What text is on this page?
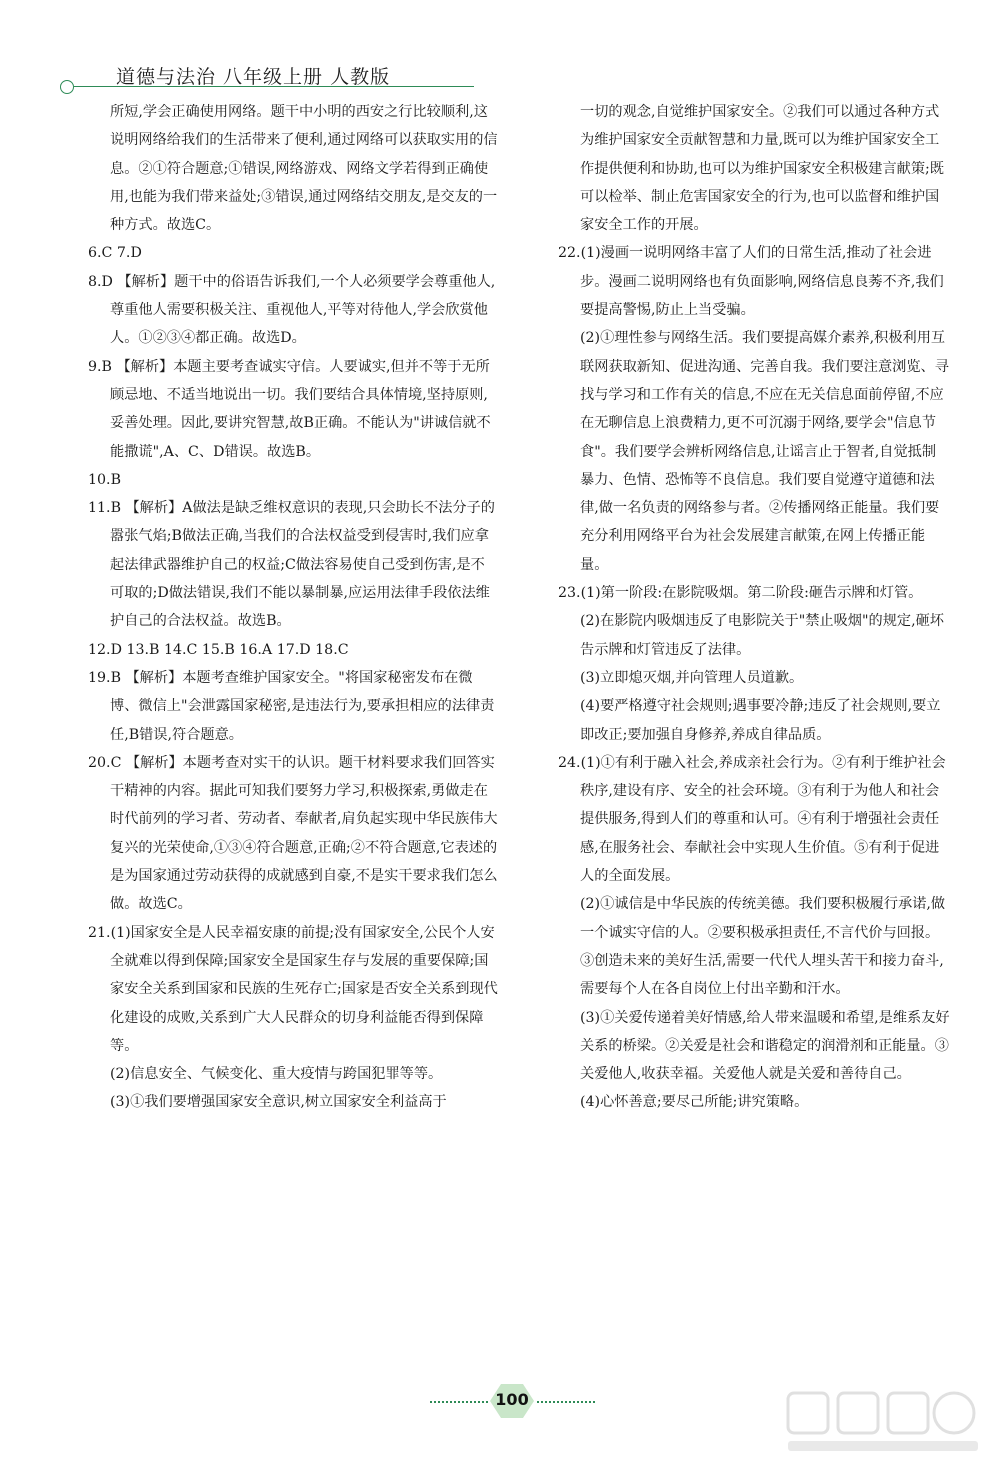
道德与法治 八年级上册 人教版

所短,学会正确使用网络。题干中小明的西安之行比较顺利,这说明网络给我们的生活带来了便利,通过网络可以获取实用的信息。②①符合题意;①错误,网络游戏、网络文学若得到正确使用,也能为我们带来益处;③错误,通过网络结交朋友,是交友的一种方式。故选C。

6.C 7.D

8.D 【解析】题干中的俗语告诉我们,一个人必须要学会尊重他人,尊重他人需要积极关注、重视他人,平等对待他人,学会欣赏他人。①②③④都正确。故选D。

9.B 【解析】本题主要考查诚实守信。人要诚实,但并不等于无所顾忌地、不适当地说出一切。我们要结合具体情境,坚持原则,妥善处理。因此,要讲究智慧,故B正确。不能认为"讲诚信就不能撒谎",A、C、D错误。故选B。

10.B

11.B 【解析】A做法是缺乏维权意识的表现,只会助长不法分子的嚣张气焰;B做法正确,当我们的合法权益受到侵害时,我们应拿起法律武器维护自己的权益;C做法容易使自己受到伤害,是不可取的;D做法错误,我们不能以暴制暴,应运用法律手段依法维护自己的合法权益。故选B。

12.D 13.B 14.C 15.B 16.A 17.D 18.C

19.B 【解析】本题考查维护国家安全。"将国家秘密发布在微博、微信上"会泄露国家秘密,是违法行为,要承担相应的法律责任,B错误,符合题意。

20.C 【解析】本题考查对实干的认识。题干材料要求我们回答实干精神的内容。据此可知我们要努力学习,积极探索,勇做走在时代前列的学习者、劳动者、奉献者,肩负起实现中华民族伟大复兴的光荣使命,①③④符合题意,正确;②不符合题意,它表述的是为国家通过劳动获得的成就感到自豪,不是实干要求我们怎么做。故选C。

21.(1)国家安全是人民幸福安康的前提;没有国家安全,公民个人安全就难以得到保障;国家安全是国家生存与发展的重要保障;国家安全关系到国家和民族的生死存亡;国家是否安全关系到现代化建设的成败,关系到广大人民群众的切身利益能否得到保障等。

(2)信息安全、气候变化、重大疫情与跨国犯罪等等。

(3)①我们要增强国家安全意识,树立国家安全利益高于

一切的观念,自觉维护国家安全。②我们可以通过各种方式为维护国家安全贡献智慧和力量,既可以为维护国家安全工作提供便利和协助,也可以为维护国家安全积极建言献策;既可以检举、制止危害国家安全的行为,也可以监督和维护国家安全工作的开展。

22.(1)漫画一说明网络丰富了人们的日常生活,推动了社会进步。漫画二说明网络也有负面影响,网络信息良莠不齐,我们要提高警惕,防止上当受骗。

(2)①理性参与网络生活。我们要提高媒介素养,积极利用互联网获取新知、促进沟通、完善自我。我们要注意浏览、寻找与学习和工作有关的信息,不应在无关信息面前停留,不应在无聊信息上浪费精力,更不可沉溺于网络,要学会"信息节食"。我们要学会辨析网络信息,让谣言止于智者,自觉抵制暴力、色情、恐怖等不良信息。我们要自觉遵守道德和法律,做一名负责的网络参与者。②传播网络正能量。我们要充分利用网络平台为社会发展建言献策,在网上传播正能量。

23.(1)第一阶段:在影院吸烟。第二阶段:砸告示牌和灯管。

(2)在影院内吸烟违反了电影院关于"禁止吸烟"的规定,砸坏告示牌和灯管违反了法律。

(3)立即熄灭烟,并向管理人员道歉。

(4)要严格遵守社会规则;遇事要冷静;违反了社会规则,要立即改正;要加强自身修养,养成自律品质。

24.(1)①有利于融入社会,养成亲社会行为。②有利于维护社会秩序,建设有序、安全的社会环境。③有利于为他人和社会提供服务,得到人们的尊重和认可。④有利于增强社会责任感,在服务社会、奉献社会中实现人生价值。⑤有利于促进人的全面发展。

(2)①诚信是中华民族的传统美德。我们要积极履行承诺,做一个诚实守信的人。②要积极承担责任,不言代价与回报。③创造未来的美好生活,需要一代代人埋头苦干和接力奋斗,需要每个人在各自岗位上付出辛勤和汗水。

(3)①关爱传递着美好情感,给人带来温暖和希望,是维系友好关系的桥梁。②关爱是社会和谐稳定的润滑剂和正能量。③关爱他人,收获幸福。关爱他人就是关爱和善待自己。

(4)心怀善意;要尽己所能;讲究策略。

100
